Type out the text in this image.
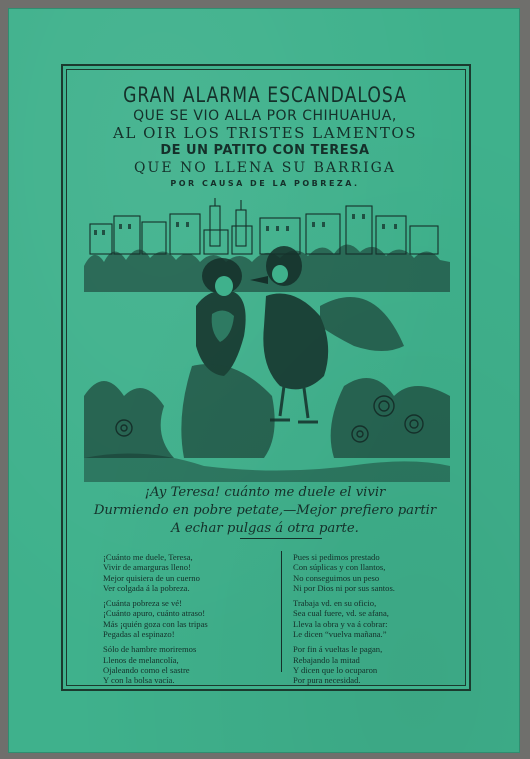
GRAN ALARMA ESCANDALOSA
QUE SE VIO ALLA POR CHIHUAHUA,
AL OIR LOS TRISTES LAMENTOS
DE UN PATITO CON TERESA
QUE NO LLENA SU BARRIGA
POR CAUSA DE LA POBREZA.
¡Ay Teresa! cuánto me duele el vivir
Durmiendo en pobre petate,—Mejor prefiero partir
A echar pulgas á otra parte.
¡Cuánto me duele, Teresa,
Vivir de amarguras lleno!
Mejor quisiera de un cuerno
Ver colgada á la pobreza.
¡Cuánta pobreza se vé!
¡Cuánto apuro, cuánto atraso!
Más ¡quién goza con las tripas
Pegadas al espinazo!
Sólo de hambre moriremos
Llenos de melancolía,
Ojaleando como el sastre
Y con la bolsa vacía.
Pues si pedimos prestado
Con súplicas y con llantos,
No conseguimos un peso
Ni por Dios ni por sus santos.
Trabaja vd. en su oficio,
Sea cual fuere, vd. se afana,
Lleva la obra y va á cobrar:
Le dicen “vuelva mañana.”
Por fin á vueltas le pagan,
Rebajando la mitad
Y dicen que lo ocuparon
Por pura necesidad.
